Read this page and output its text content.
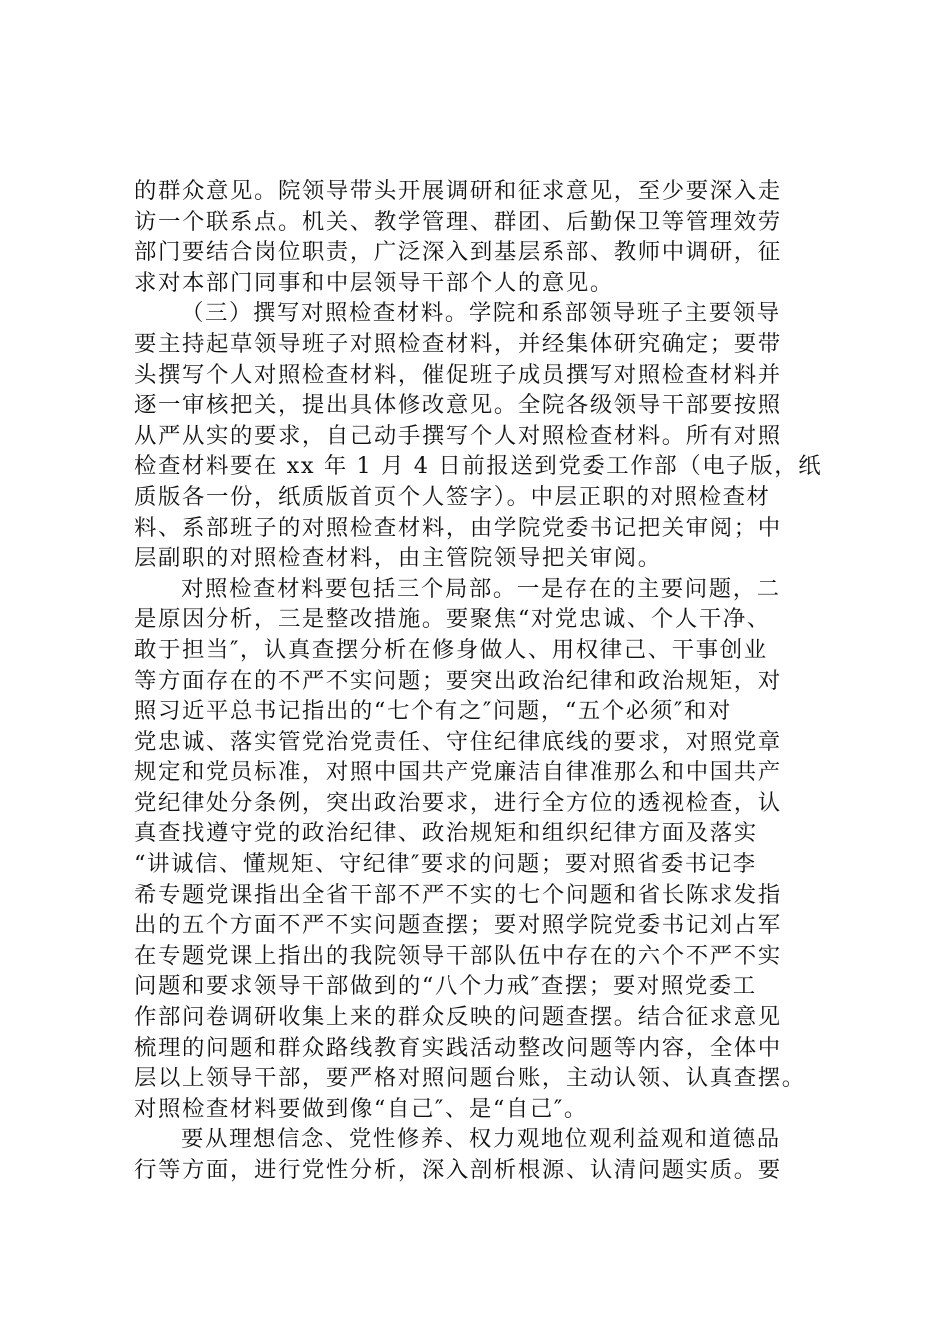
的群众意见。院领导带头开展调研和征求意见，至少要深入走
访一个联系点。机关、教学管理、群团、后勤保卫等管理效劳
部门要结合岗位职责，广泛深入到基层系部、教师中调研，征
求对本部门同事和中层领导干部个人的意见。
（三）撰写对照检查材料。学院和系部领导班子主要领导
要主持起草领导班子对照检查材料，并经集体研究确定；要带
头撰写个人对照检查材料，催促班子成员撰写对照检查材料并
逐一审核把关，提出具体修改意见。全院各级领导干部要按照
从严从实的要求，自己动手撰写个人对照检查材料。所有对照
检查材料要在 xx 年 1 月 4 日前报送到党委工作部（电子版，纸
质版各一份，纸质版首页个人签字）。中层正职的对照检查材
料、系部班子的对照检查材料，由学院党委书记把关审阅；中
层副职的对照检查材料，由主管院领导把关审阅。
对照检查材料要包括三个局部。一是存在的主要问题，二
是原因分析，三是整改措施。要聚焦“对党忠诚、个人干净、
敢于担当″，认真查摆分析在修身做人、用权律己、干事创业
等方面存在的不严不实问题；要突出政治纪律和政治规矩，对
照习近平总书记指出的“七个有之″问题，“五个必须″和对
党忠诚、落实管党治党责任、守住纪律底线的要求，对照党章
规定和党员标准，对照中国共产党廉洁自律准那么和中国共产
党纪律处分条例，突出政治要求，进行全方位的透视检查，认
真查找遵守党的政治纪律、政治规矩和组织纪律方面及落实
“讲诚信、懂规矩、守纪律″要求的问题；要对照省委书记李
希专题党课指出全省干部不严不实的七个问题和省长陈求发指
出的五个方面不严不实问题查摆；要对照学院党委书记刘占军
在专题党课上指出的我院领导干部队伍中存在的六个不严不实
问题和要求领导干部做到的“八个力戒″查摆；要对照党委工
作部问卷调研收集上来的群众反映的问题查摆。结合征求意见
梳理的问题和群众路线教育实践活动整改问题等内容，全体中
层以上领导干部，要严格对照问题台账，主动认领、认真查摆。
对照检查材料要做到像“自己″、是“自己″。
要从理想信念、党性修养、权力观地位观利益观和道德品
行等方面，进行党性分析，深入剖析根源、认清问题实质。要
